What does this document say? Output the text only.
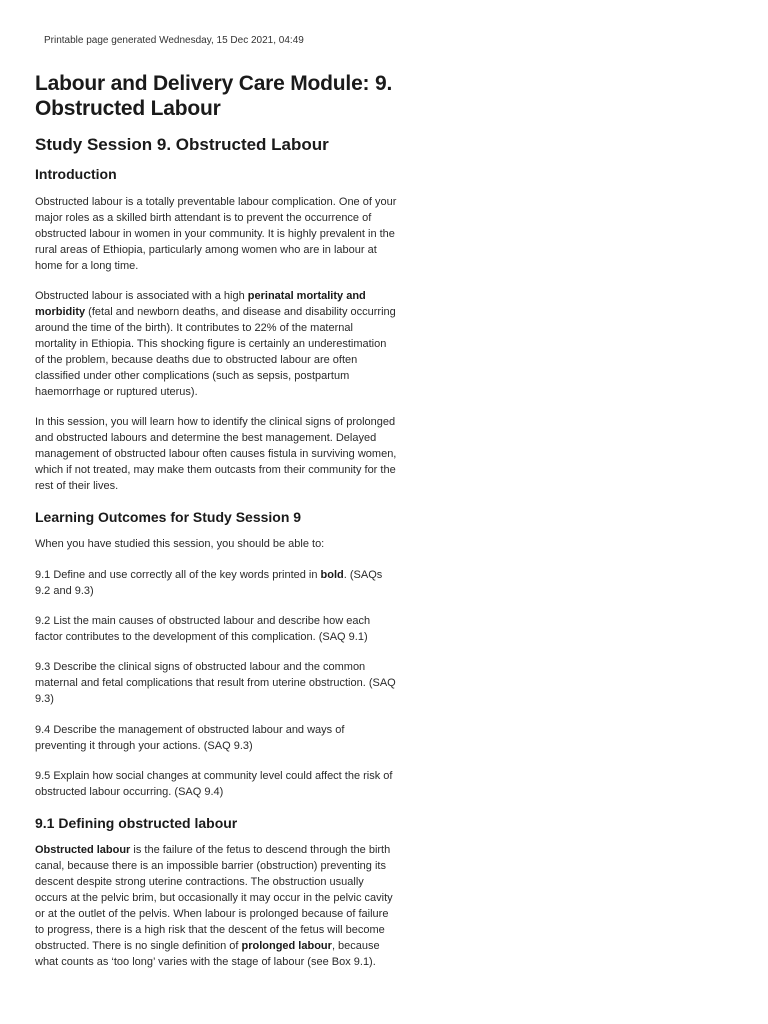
Printable page generated Wednesday, 15 Dec 2021, 04:49
Labour and Delivery Care Module: 9. Obstructed Labour
Study Session 9. Obstructed Labour
Introduction

Obstructed labour is a totally preventable labour complication. One of your major roles as a skilled birth attendant is to prevent the occurrence of obstructed labour in women in your community. It is highly prevalent in the rural areas of Ethiopia, particularly among women who are in labour at home for a long time.

Obstructed labour is associated with a high perinatal mortality and morbidity (fetal and newborn deaths, and disease and disability occurring around the time of the birth). It contributes to 22% of the maternal mortality in Ethiopia. This shocking figure is certainly an underestimation of the problem, because deaths due to obstructed labour are often classified under other complications (such as sepsis, postpartum haemorrhage or ruptured uterus).

In this session, you will learn how to identify the clinical signs of prolonged and obstructed labours and determine the best management. Delayed management of obstructed labour often causes fistula in surviving women, which if not treated, may make them outcasts from their community for the rest of their lives.

Learning Outcomes for Study Session 9

When you have studied this session, you should be able to:

9.1 Define and use correctly all of the key words printed in bold. (SAQs 9.2 and 9.3)

9.2 List the main causes of obstructed labour and describe how each factor contributes to the development of this complication. (SAQ 9.1)

9.3 Describe the clinical signs of obstructed labour and the common maternal and fetal complications that result from uterine obstruction. (SAQ 9.3)

9.4 Describe the management of obstructed labour and ways of preventing it through your actions. (SAQ 9.3)

9.5 Explain how social changes at community level could affect the risk of obstructed labour occurring. (SAQ 9.4)

9.1 Defining obstructed labour

Obstructed labour is the failure of the fetus to descend through the birth canal, because there is an impossible barrier (obstruction) preventing its descent despite strong uterine contractions. The obstruction usually occurs at the pelvic brim, but occasionally it may occur in the pelvic cavity or at the outlet of the pelvis. When labour is prolonged because of failure to progress, there is a high risk that the descent of the fetus will become obstructed. There is no single definition of prolonged labour, because what counts as ‘too long’ varies with the stage of labour (see Box 9.1).
